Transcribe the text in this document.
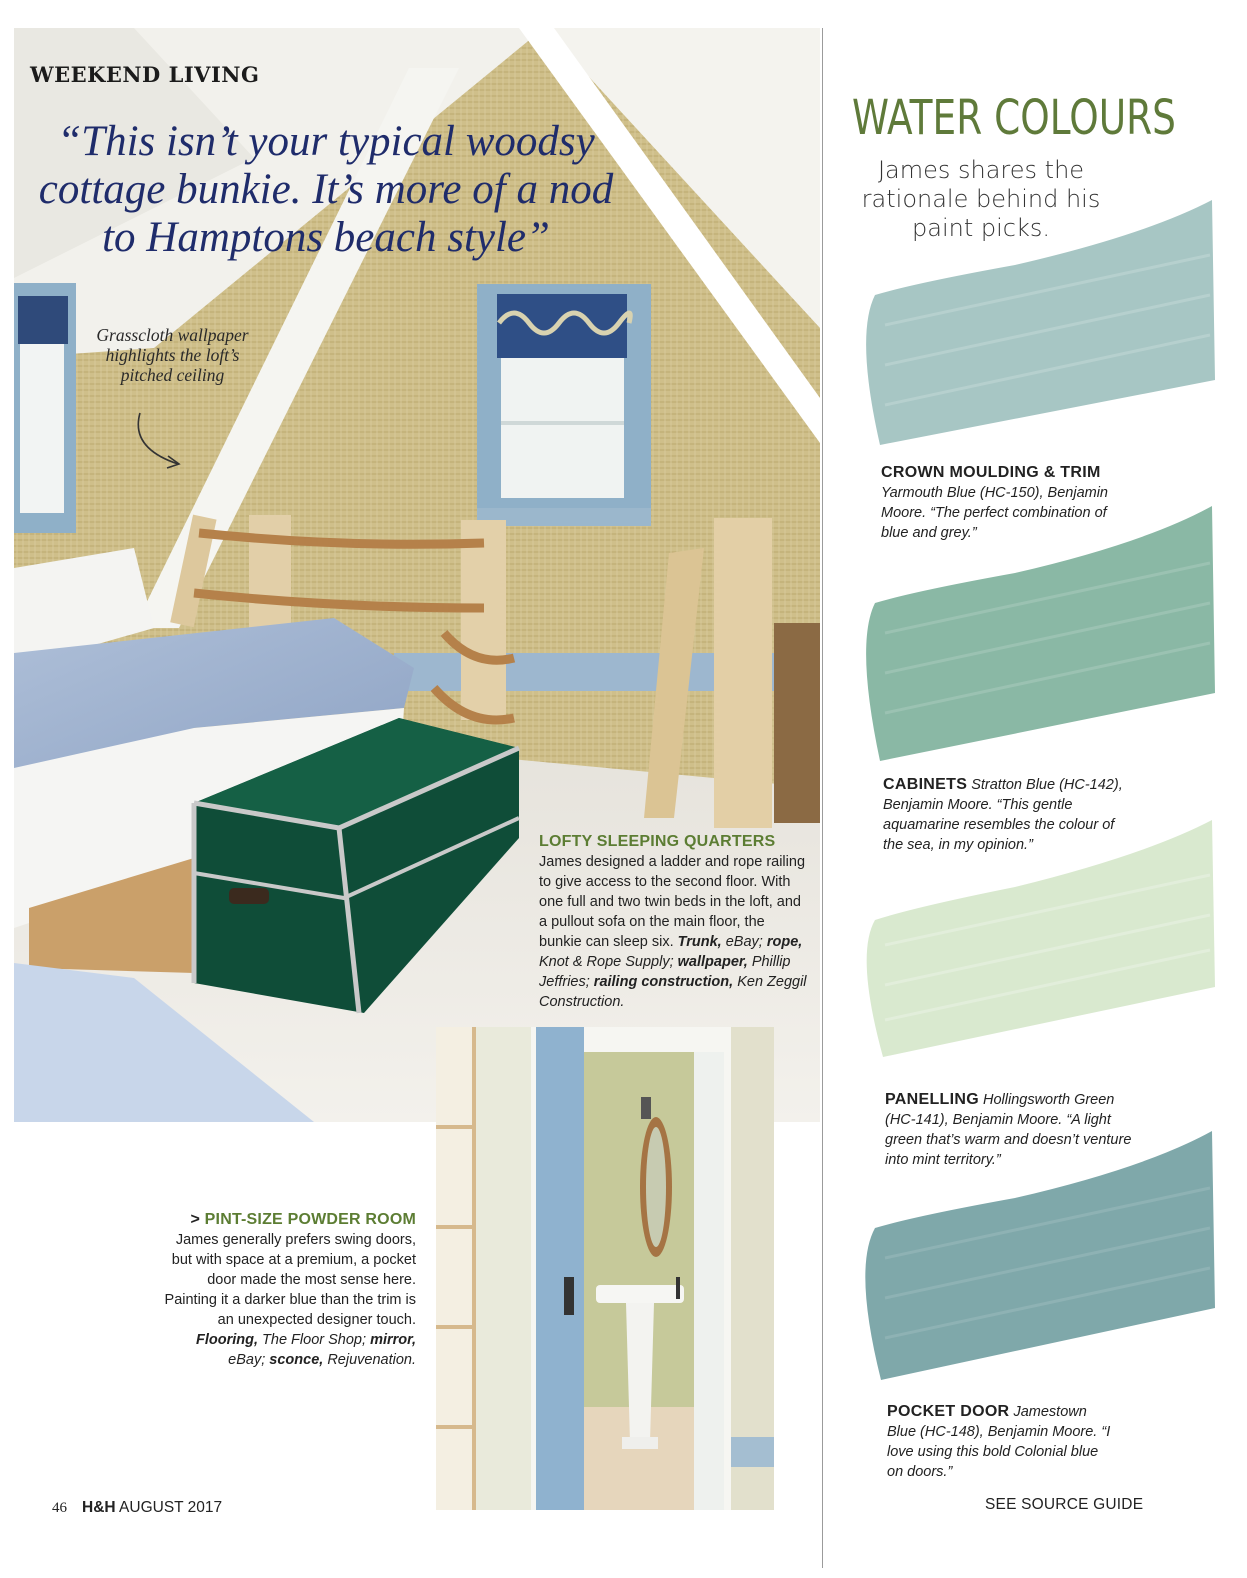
WEEKEND LIVING
“This isn’t your typical woodsy cottage bunkie. It’s more of a nod to Hamptons beach style”
Grasscloth wallpaper highlights the loft’s pitched ceiling
LOFTY SLEEPING QUARTERS
James designed a ladder and rope railing to give access to the second floor. With one full and two twin beds in the loft, and a pullout sofa on the main floor, the bunkie can sleep six. Trunk, eBay; rope, Knot & Rope Supply; wallpaper, Phillip Jeffries; railing construction, Ken Zeggil Construction.
> PINT-SIZE POWDER ROOM
James generally prefers swing doors, but with space at a premium, a pocket door made the most sense here. Painting it a darker blue than the trim is an unexpected designer touch. Flooring, The Floor Shop; mirror, eBay; sconce, Rejuvenation.
WATER COLOURS
James shares the rationale behind his paint picks.
CROWN MOULDING & TRIM Yarmouth Blue (HC-150), Benjamin Moore. “The perfect combination of blue and grey.”
CABINETS Stratton Blue (HC-142), Benjamin Moore. “This gentle aquamarine resembles the colour of the sea, in my opinion.”
PANELLING Hollingsworth Green (HC-141), Benjamin Moore. “A light green that’s warm and doesn’t venture into mint territory.”
POCKET DOOR Jamestown Blue (HC-148), Benjamin Moore. “I love using this bold Colonial blue on doors.”
46 H&H AUGUST 2017	SEE SOURCE GUIDE
